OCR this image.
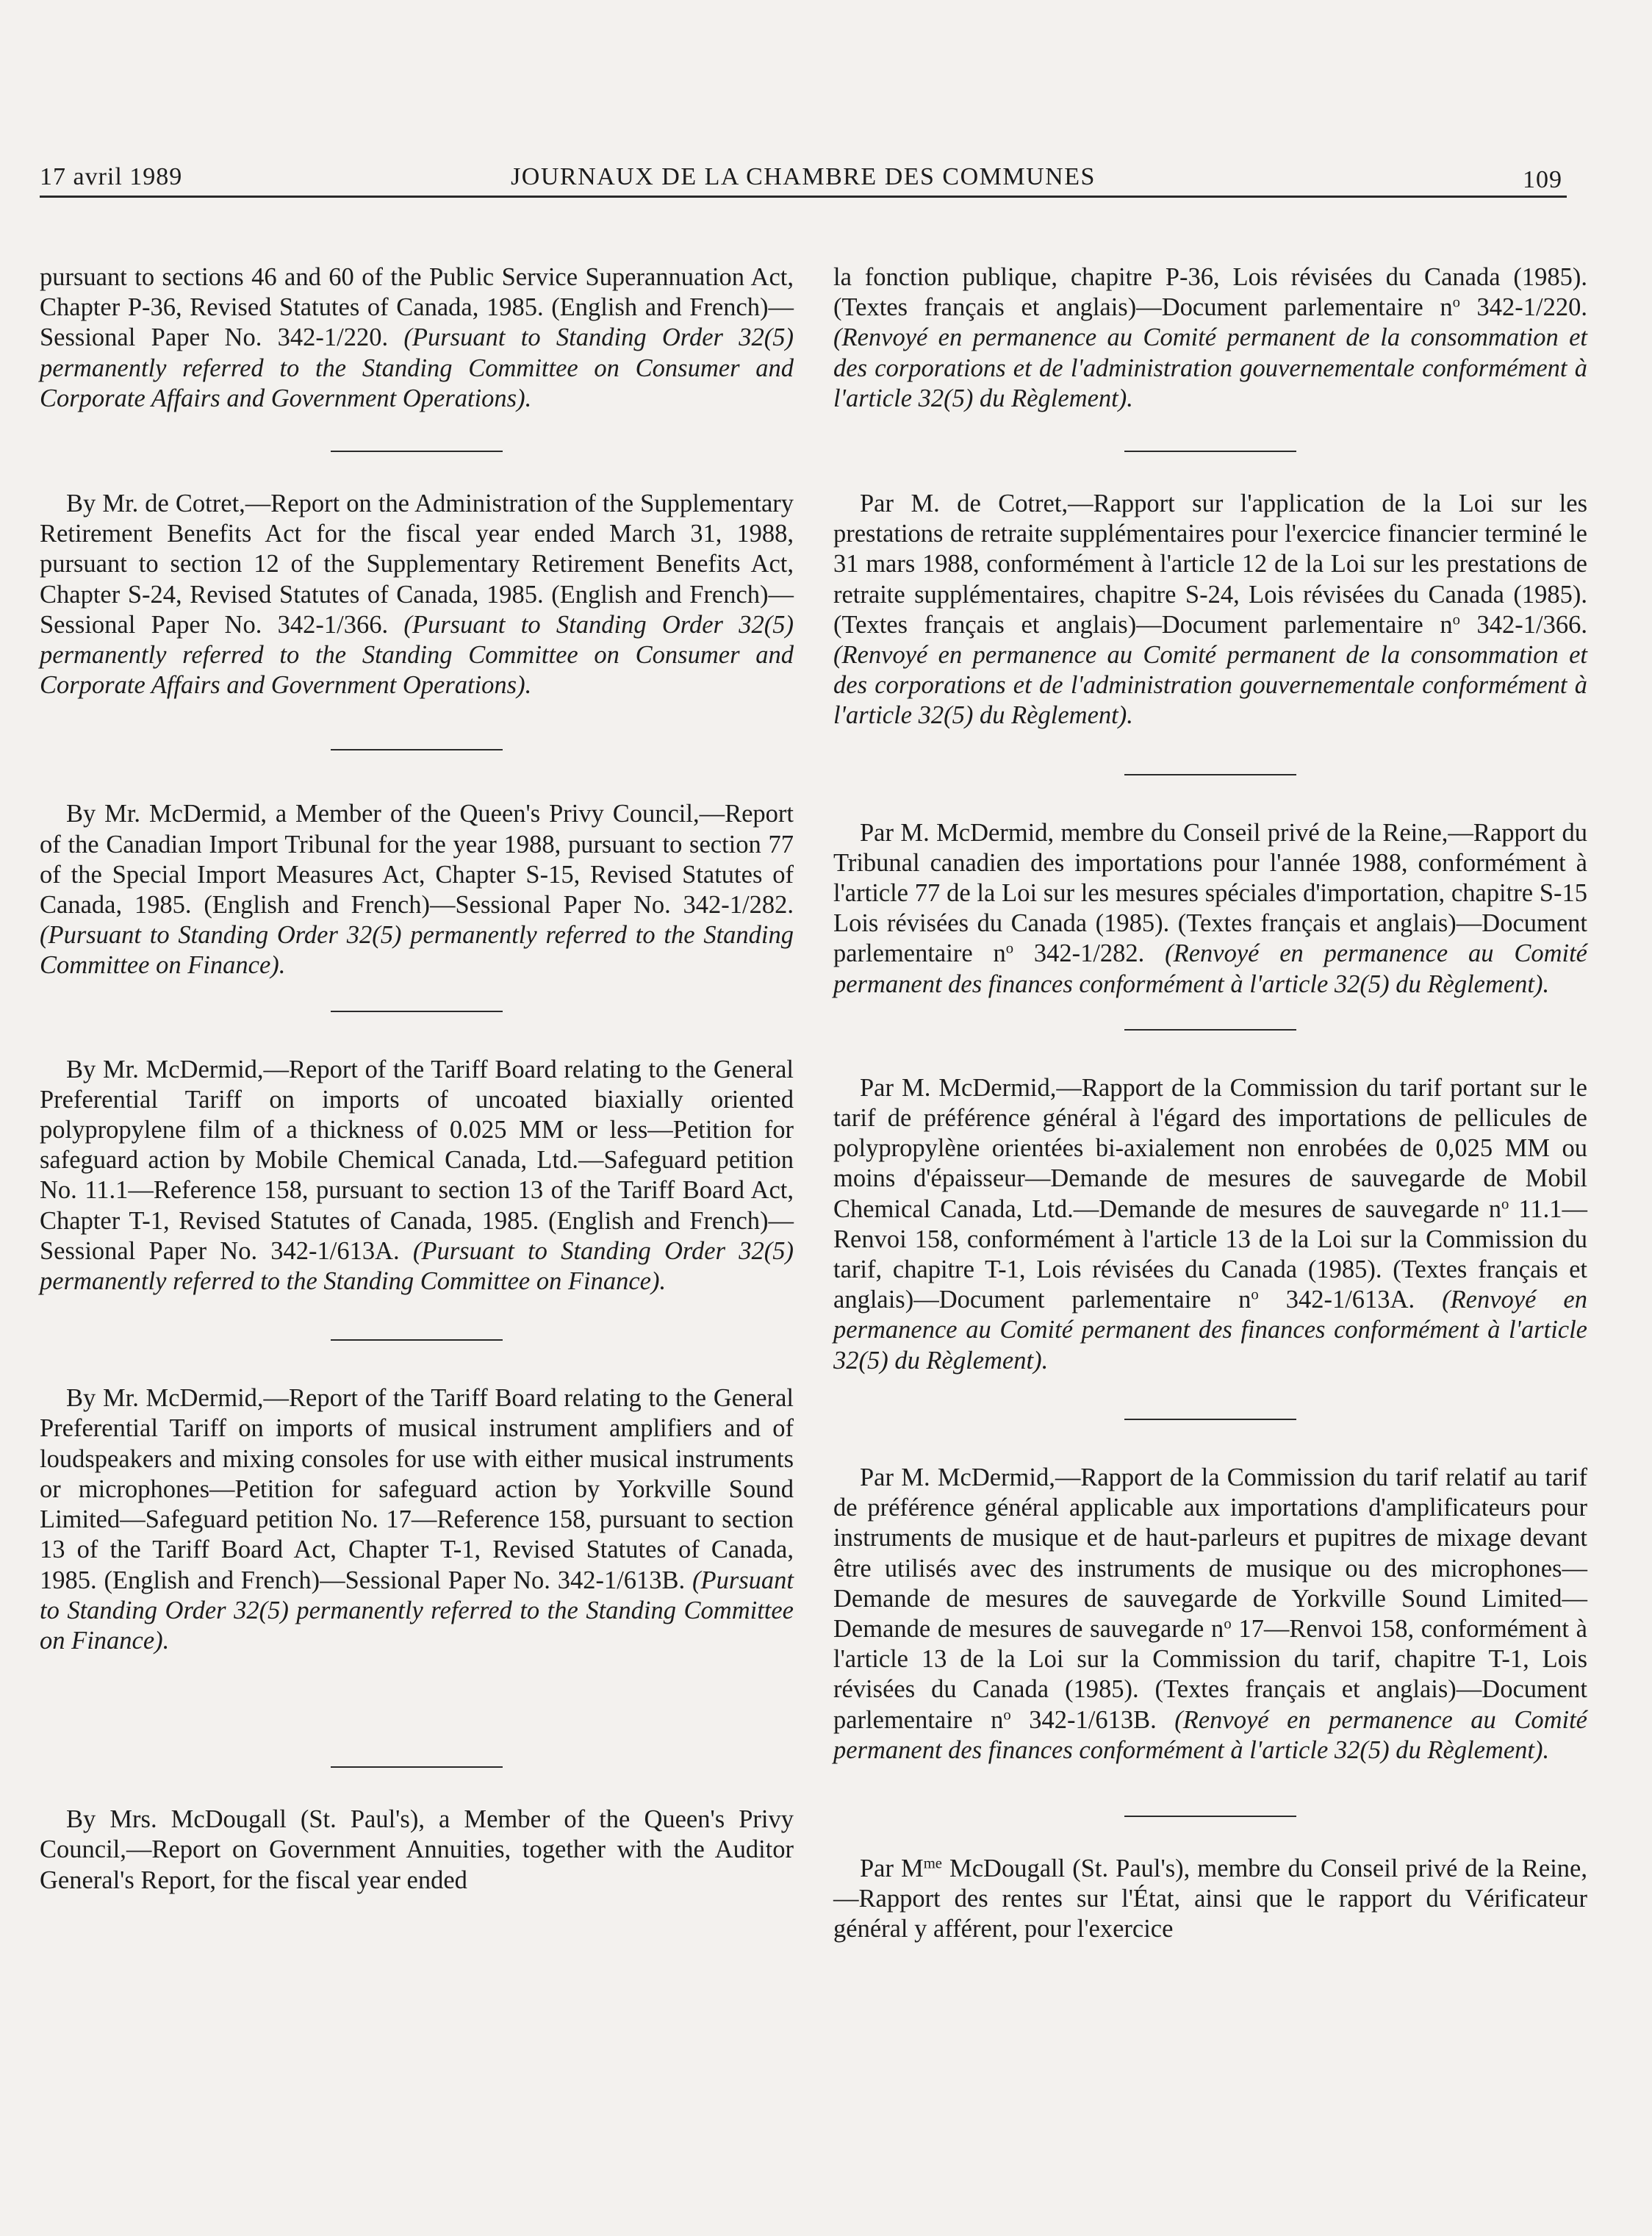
17 avril 1989	JOURNAUX DE LA CHAMBRE DES COMMUNES	109

pursuant to sections 46 and 60 of the Public Service Superannuation Act, Chapter P-36, Revised Statutes of Canada, 1985. (English and French)—Sessional Paper No. 342-1/220. (Pursuant to Standing Order 32(5) permanently referred to the Standing Committee on Consumer and Corporate Affairs and Government Operations).

By Mr. de Cotret,—Report on the Administration of the Supplementary Retirement Benefits Act for the fiscal year ended March 31, 1988, pursuant to section 12 of the Supplementary Retirement Benefits Act, Chapter S-24, Revised Statutes of Canada, 1985. (English and French)—Sessional Paper No. 342-1/366. (Pursuant to Standing Order 32(5) permanently referred to the Standing Committee on Consumer and Corporate Affairs and Government Operations).

By Mr. McDermid, a Member of the Queen's Privy Council,—Report of the Canadian Import Tribunal for the year 1988, pursuant to section 77 of the Special Import Measures Act, Chapter S-15, Revised Statutes of Canada, 1985. (English and French)—Sessional Paper No. 342-1/282. (Pursuant to Standing Order 32(5) permanently referred to the Standing Committee on Finance).

By Mr. McDermid,—Report of the Tariff Board relating to the General Preferential Tariff on imports of uncoated biaxially oriented polypropylene film of a thickness of 0.025 MM or less—Petition for safeguard action by Mobile Chemical Canada, Ltd.—Safeguard petition No. 11.1—Reference 158, pursuant to section 13 of the Tariff Board Act, Chapter T-1, Revised Statutes of Canada, 1985. (English and French)—Sessional Paper No. 342-1/613A. (Pursuant to Standing Order 32(5) permanently referred to the Standing Committee on Finance).

By Mr. McDermid,—Report of the Tariff Board relating to the General Preferential Tariff on imports of musical instrument amplifiers and of loudspeakers and mixing consoles for use with either musical instruments or microphones—Petition for safeguard action by Yorkville Sound Limited—Safeguard petition No. 17—Reference 158, pursuant to section 13 of the Tariff Board Act, Chapter T-1, Revised Statutes of Canada, 1985. (English and French)—Sessional Paper No. 342-1/613B. (Pursuant to Standing Order 32(5) permanently referred to the Standing Committee on Finance).

By Mrs. McDougall (St. Paul's), a Member of the Queen's Privy Council,—Report on Government Annuities, together with the Auditor General's Report, for the fiscal year ended

la fonction publique, chapitre P-36, Lois révisées du Canada (1985). (Textes français et anglais)—Document parlementaire $n^o$ 342-1/220. (Renvoyé en permanence au Comité permanent de la consommation et des corporations et de l'administration gouvernementale conformément à l'article 32(5) du Règlement).

Par M. de Cotret,—Rapport sur l'application de la Loi sur les prestations de retraite supplémentaires pour l'exercice financier terminé le 31 mars 1988, conformément à l'article 12 de la Loi sur les prestations de retraite supplémentaires, chapitre S-24, Lois révisées du Canada (1985). (Textes français et anglais)—Document parlementaire $n^o$ 342-1/366. (Renvoyé en permanence au Comité permanent de la consommation et des corporations et de l'administration gouvernementale conformément à l'article 32(5) du Règlement).

Par M. McDermid, membre du Conseil privé de la Reine,—Rapport du Tribunal canadien des importations pour l'année 1988, conformément à l'article 77 de la Loi sur les mesures spéciales d'importation, chapitre S-15 Lois révisées du Canada (1985). (Textes français et anglais)—Document parlementaire $n^o$ 342-1/282. (Renvoyé en permanence au Comité permanent des finances conformément à l'article 32(5) du Règlement).

Par M. McDermid,—Rapport de la Commission du tarif portant sur le tarif de préférence général à l'égard des importations de pellicules de polypropylène orientées bi-axialement non enrobées de 0,025 MM ou moins d'épaisseur—Demande de mesures de sauvegarde de Mobil Chemical Canada, Ltd.—Demande de mesures de sauvegarde $n^o$ 11.1—Renvoi 158, conformément à l'article 13 de la Loi sur la Commission du tarif, chapitre T-1, Lois révisées du Canada (1985). (Textes français et anglais)—Document parlementaire $n^o$ 342-1/613A. (Renvoyé en permanence au Comité permanent des finances conformément à l'article 32(5) du Règlement).

Par M. McDermid,—Rapport de la Commission du tarif relatif au tarif de préférence général applicable aux importations d'amplificateurs pour instruments de musique et de haut-parleurs et pupitres de mixage devant être utilisés avec des instruments de musique ou des microphones—Demande de mesures de sauvegarde de Yorkville Sound Limited—Demande de mesures de sauvegarde $n^o$ 17—Renvoi 158, conformément à l'article 13 de la Loi sur la Commission du tarif, chapitre T-1, Lois révisées du Canada (1985). (Textes français et anglais)—Document parlementaire $n^o$ 342-1/613B. (Renvoyé en permanence au Comité permanent des finances conformément à l'article 32(5) du Règlement).

Par $M^{me}$ McDougall (St. Paul's), membre du Conseil privé de la Reine,—Rapport des rentes sur l'État, ainsi que le rapport du Vérificateur général y afférent, pour l'exercice
